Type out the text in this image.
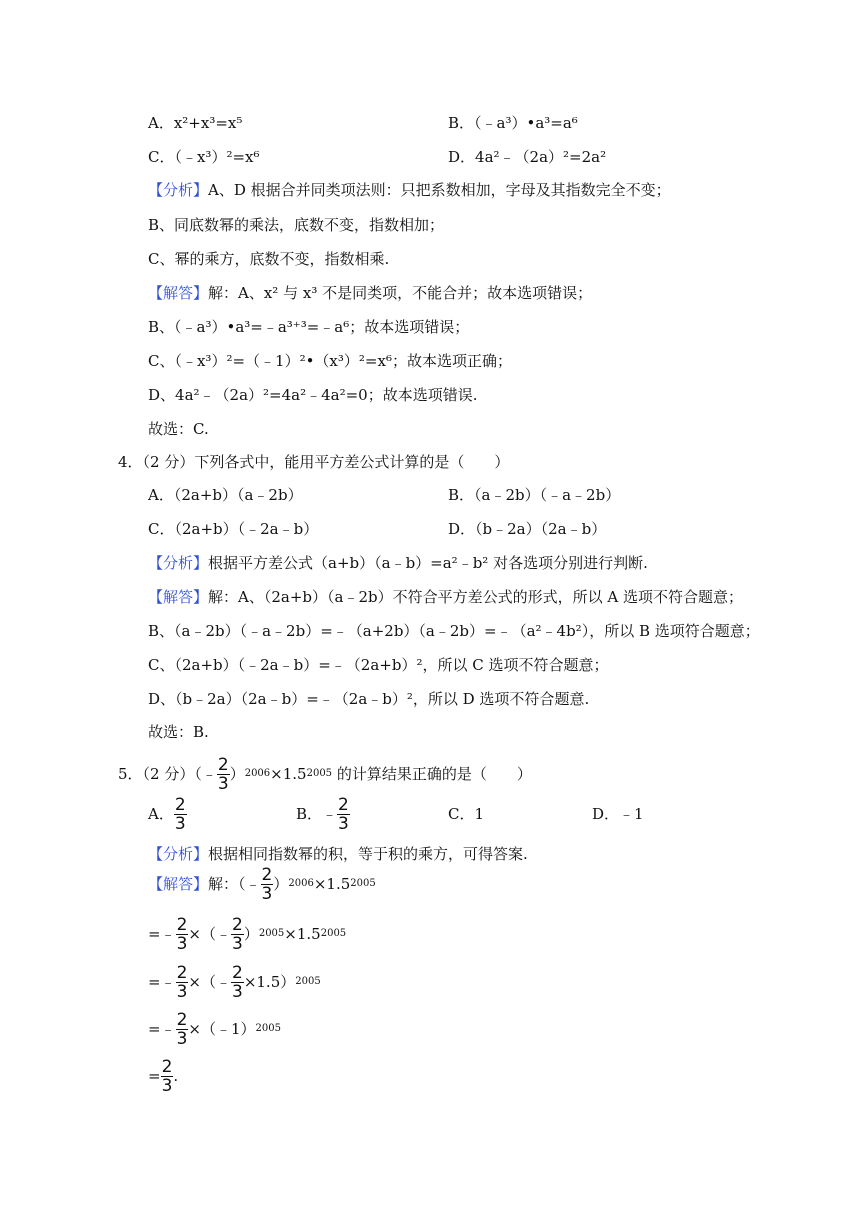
A．x²+x³=x⁵	B．（﹣a³）•a³=a⁶
C．（﹣x³）²=x⁶	D．4a²﹣（2a）²=2a²
【分析】A、D 根据合并同类项法则：只把系数相加，字母及其指数完全不变；
B、同底数幂的乘法，底数不变，指数相加；
C、幂的乘方，底数不变，指数相乘.
【解答】解：A、x² 与 x³ 不是同类项，不能合并；故本选项错误；
B、（﹣a³）•a³=﹣a³⁺³=﹣a⁶；故本选项错误；
C、（﹣x³）²=（﹣1）²•（x³）²=x⁶；故本选项正确；
D、4a²﹣（2a）²=4a²﹣4a²=0；故本选项错误.
故选：C.
4．（2 分）下列各式中，能用平方差公式计算的是（　　）
A．（2a+b）（a﹣2b）	B．（a﹣2b）（﹣a﹣2b）
C．（2a+b）（﹣2a﹣b）	D．（b﹣2a）（2a﹣b）
【分析】根据平方差公式（a+b）（a﹣b）=a²﹣b² 对各选项分别进行判断.
【解答】解：A、（2a+b）（a﹣2b）不符合平方差公式的形式，所以 A 选项不符合题意；
B、（a﹣2b）（﹣a﹣2b）=﹣（a+2b）（a﹣2b）=﹣（a²﹣4b²），所以 B 选项符合题意；
C、（2a+b）（﹣2a﹣b）=﹣（2a+b）²，所以 C 选项不符合题意；
D、（b﹣2a）（2a﹣b）=﹣（2a﹣b）²，所以 D 选项不符合题意.
故选：B.
5．（2 分）（﹣ $\frac{2}{3}$ ） 2006 ×1.5 2005
的计算结果正确的是（　　）
A． $\frac{2}{3}$	B．﹣ $\frac{2}{3}$	C．1	D．﹣1
【分析】根据相同指数幂的积，等于积的乘方，可得答案.
【解答】 解：（﹣ $\frac{2}{3}$ ） 2006 ×1.5 2005
=﹣ $\frac{2}{3}$ ×（﹣ $\frac{2}{3}$ ） 2005 ×1.5 2005
=﹣ $\frac{2}{3}$ ×（﹣ $\frac{2}{3} \times 1.5$） 2005
=﹣ $\frac{2}{3}$ ×（﹣1） 2005
= $\frac{2}{3}$ .
